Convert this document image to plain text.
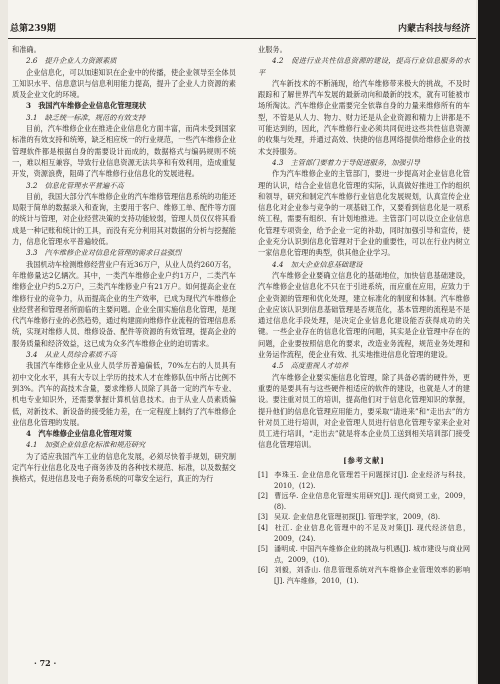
总第239期	内蒙古科技与经济

和准确。

2.6　提升企业人力资源素质

企业信息化，可以加速知识在企业中的传播，使企业领导至全体员工知识水平、信息意识与信息利用能力提高，提升了企业人力资源的素质及企业文化的环境。

3　我国汽车维修企业信息化管理现状

3.1　缺乏统一标准，规范的有效支持

目前，汽车维修企业在推进企业信息化方面丰富，而尚未受到国家标准的有效支持和统筹，缺乏相应统一的行业规范，一些汽车维修企业管理软件都是根据自身的需要设计而成的，数据格式与编码规则不统一，难以相互兼容，导致行业信息资源无法共享和有效利用，造成重复开发，资源浪费，阻碍了汽车维修行业信息化的发展进程。

3.2　信息化管理水平普遍不高

目前，我国大部分汽车维修企业的汽车维修管理信息系统的功能还局限于简单的数据录入和查询，主要用于客户、维修工单、配件等方面的统计与管理，对企业经营决策的支持功能较弱，管理人员仅仅将其看成是一种记账和统计的工具，而没有充分利用其对数据的分析与挖掘能力，信息化管理水平普遍较低。

3.3　汽车维修企业对信息化管理的需求日益强烈

我国机动车检测维修经营业户有近36万户，从业人员约260万名，年维修量达2亿辆次。其中，一类汽车维修企业户约1万户，二类汽车维修企业户约5.2万户，三类汽车维修业户有21万户。如何提高企业在维修行业的竞争力，从而提高企业的生产效率，已成为现代汽车维修企业经营者和管理者所面临的主要问题。企业全面实施信息化管理，是现代汽车维修行业的必然趋势，通过构建面向维修作业流程的管理信息系统，实现对维修人员、维修设备、配件等资源的有效管理，提高企业的服务质量和经济效益，这已成为众多汽车维修企业的迫切需求。

3.4　从业人员综合素质不高

我国汽车维修企业从业人员学历普遍偏低，70%左右的人员具有初中文化水平，具有大专以上学历的技术人才在维修队伍中所占比例不到3%。汽车的高技术含量，要求维修人员除了具备一定的汽车专业、机电专业知识外，还需要掌握计算机信息技术。由于从业人员素质偏低，对新技术、新设备的接受能力差，在一定程度上制约了汽车维修企业信息化管理的发展。

4　汽车维修企业信息化管理对策

4.1　加强企业信息化标准和规范研究

为了适应我国汽车工业的信息化发展，必须尽快着手规划，研究制定汽车行业信息化及电子商务涉及的各种技术规范、标准，以及数据交换格式，促进信息及电子商务系统的可靠安全运行，真正的为行

业服务。

4.2　促进行业共性信息资源的建设，提高行业信息服务的水平

汽车新技术的不断涌现，给汽车维修带来极大的挑战，不及时跟踪和了解世界汽车发展的最新动向和最新的技术，就有可能被市场所淘汰。汽车维修企业需要完全依靠自身的力量来维修所有的车型，不管是从人力、物力、财力还是从企业资源和精力上讲都是不可能达到的，因此，汽车维修行业必须共同促进这些共性信息资源的收集与处理，并通过高效、快捷的信息网络提供给维修企业的技术支持服务。

4.3　主管部门要着力于导促进服务，加强引导

作为汽车维修企业的主管部门，要进一步提高对企业信息化管理的认识，结合企业信息化管理的实际，认真做好推进工作的组织和领导，研究和制定汽车维修行业信息化发展规划，认真宣传企业信息化对企业参与竞争的一项基础工作，又要看到信息化是一项系统工程，需要有组织、有计划地推进。主管部门可以设立企业信息化管理专项资金，给予企业一定的补助，同时加强引导和宣传，使企业充分认识到信息化管理对于企业的重要性，可以在行业内树立一家信息化管理的典型，供其他企业学习。

4.4　加大企业信息基础建设

汽车维修企业要确立信息化的基础地位，加快信息基础建设，汽车维修企业信息化不只在于引进系统，而应重在应用，应致力于企业资源的管理和优化处理，建立标准化的制度和体制。汽车维修企业应该认识到信息基础管理是否规范化，基本管理的流程是不是通过信息化手段处理，是决定企业信息化建设能否获得成功的关键。一些企业存在的信息化管理的问题，其实是企业管理中存在的问题，企业要按照信息化的要求，改造业务流程，规范业务处理和业务运作流程，使企业有效、扎实地推进信息化管理的建设。

4.5　高度重视人才培养

汽车维修企业要实施信息化管理，除了具备必需的硬件外，更重要的是要具有与这些硬件相适应的软件的建设，也就是人才的建设。要注重对员工的培训，提高他们对于信息化管理知识的掌握，提升他们的信息化管理应用能力，要采取“请进来”和“走出去”的方针对员工进行培训，对企业管理人员进行信息化管理专家来企业对员工进行培训，“走出去”就是将本企业员工送到相关培训部门接受信息化管理培训。

[参考文献]
[1] 李珠玉. 企业信息化管理若干问题探讨[J]. 企业经济与科技，2010，(12).
[2] 曹远华. 企业信息化管理实用研究[J]. 现代商贸工业，2009，(8).
[3] 吴双. 企业信息化管理初探[J]. 管理学家，2009，(8).
[4] 杜江. 企业信息化管理中的不足及对策[J]. 现代经济信息，2009，(24).
[5] 潘明成. 中国汽车维修企业的挑战与机遇[J]. 城市建设与商业网点，2009，(10).
[6] 刘毅，刘香山. 信息管理系统对汽车维修企业管理效率的影响[J]. 汽车维修，2010，(1).
· 72 ·
